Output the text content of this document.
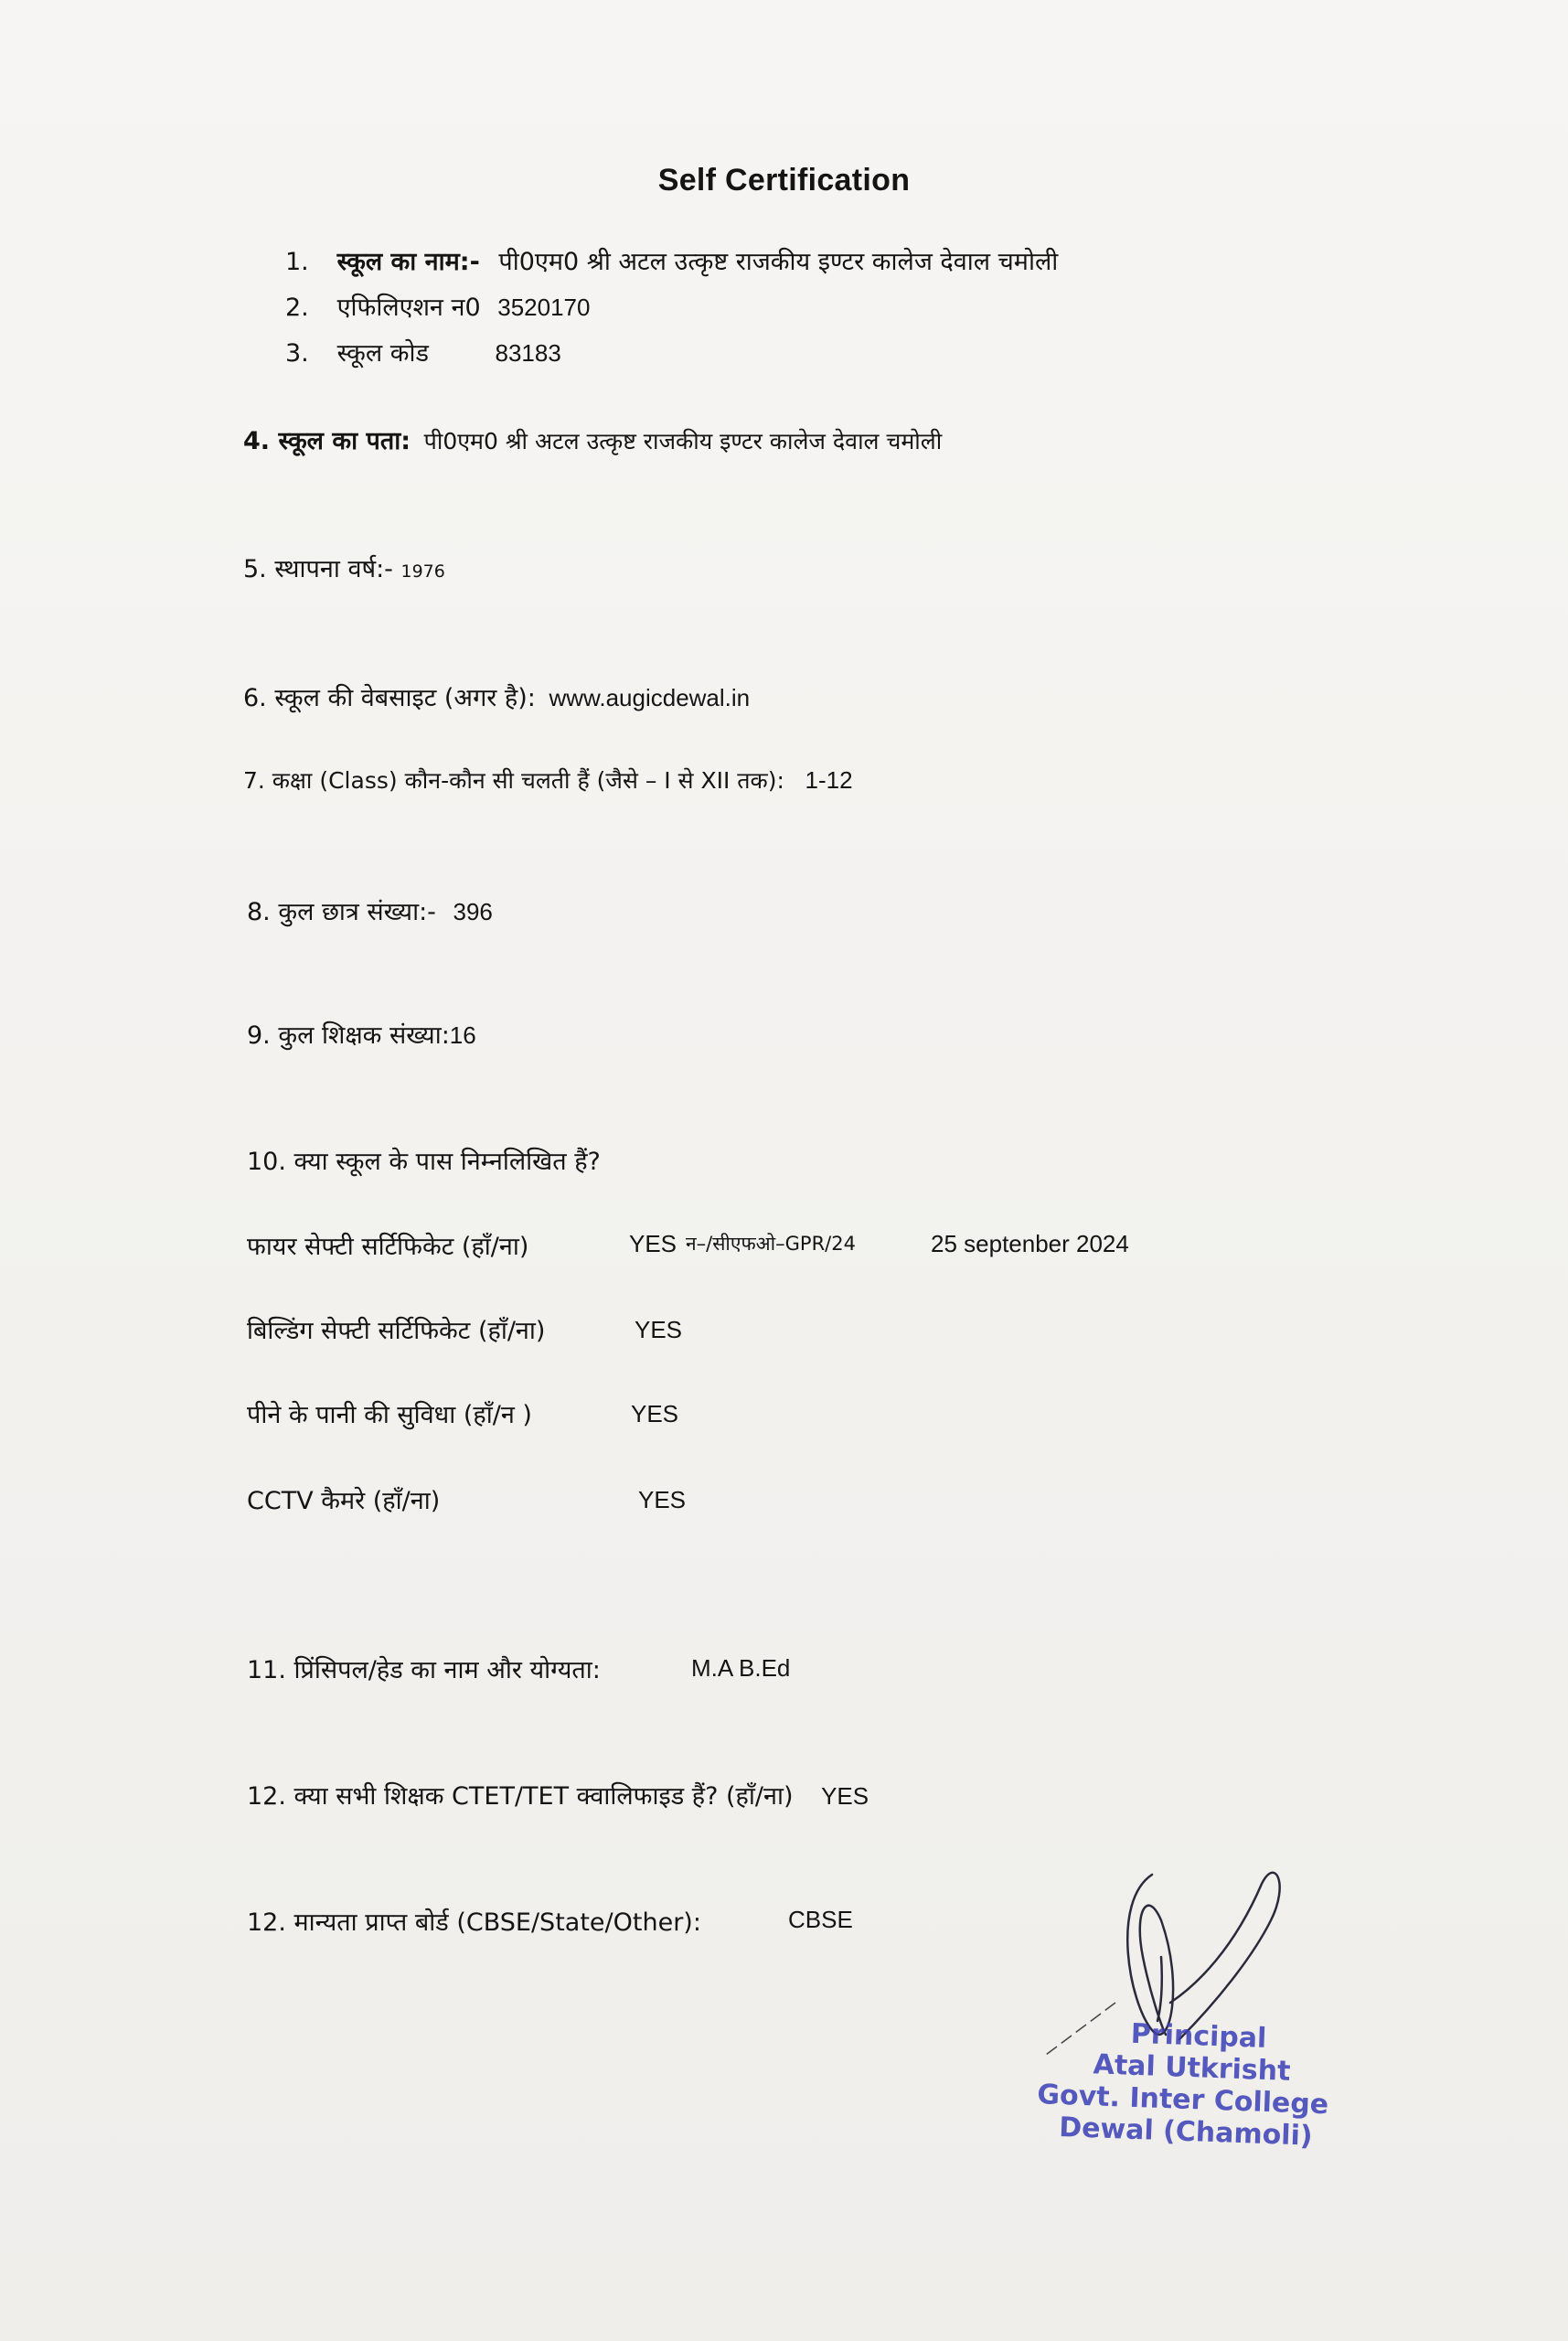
Self Certification
1. स्कूल का नाम:- पी0एम0 श्री अटल उत्कृष्ट राजकीय इण्टर कालेज देवाल चमोली
2. एफिलिएशन न0 3520170
3. स्कूल कोड	83183
4. स्कूल का पता: पी0एम0 श्री अटल उत्कृष्ट राजकीय इण्टर कालेज देवाल चमोली
5. स्थापना वर्ष:- 1976
6. स्कूल की वेबसाइट (अगर है): www.augicdewal.in
7. कक्षा (Class) कौन-कौन सी चलती हैं (जैसे – I से XII तक): 1-12
8. कुल छात्र संख्या:- 396
9. कुल शिक्षक संख्या:16
10. क्या स्कूल के पास निम्नलिखित हैं?
फायर सेफ्टी सर्टिफिकेट (हाँ/ना)	YES न–/सीएफओ–GPR/24	25 septenber 2024
बिल्डिंग सेफ्टी सर्टिफिकेट (हाँ/ना)	YES
पीने के पानी की सुविधा (हाँ/न )	YES
CCTV कैमरे (हाँ/ना)	YES
11. प्रिंसिपल/हेड का नाम और योग्यता:	M.A B.Ed
12. क्या सभी शिक्षक CTET/TET क्वालिफाइड हैं? (हाँ/ना) YES
12. मान्यता प्राप्त बोर्ड (CBSE/State/Other):	CBSE
Principal
Atal Utkrisht
Govt. Inter College
Dewal (Chamoli)
